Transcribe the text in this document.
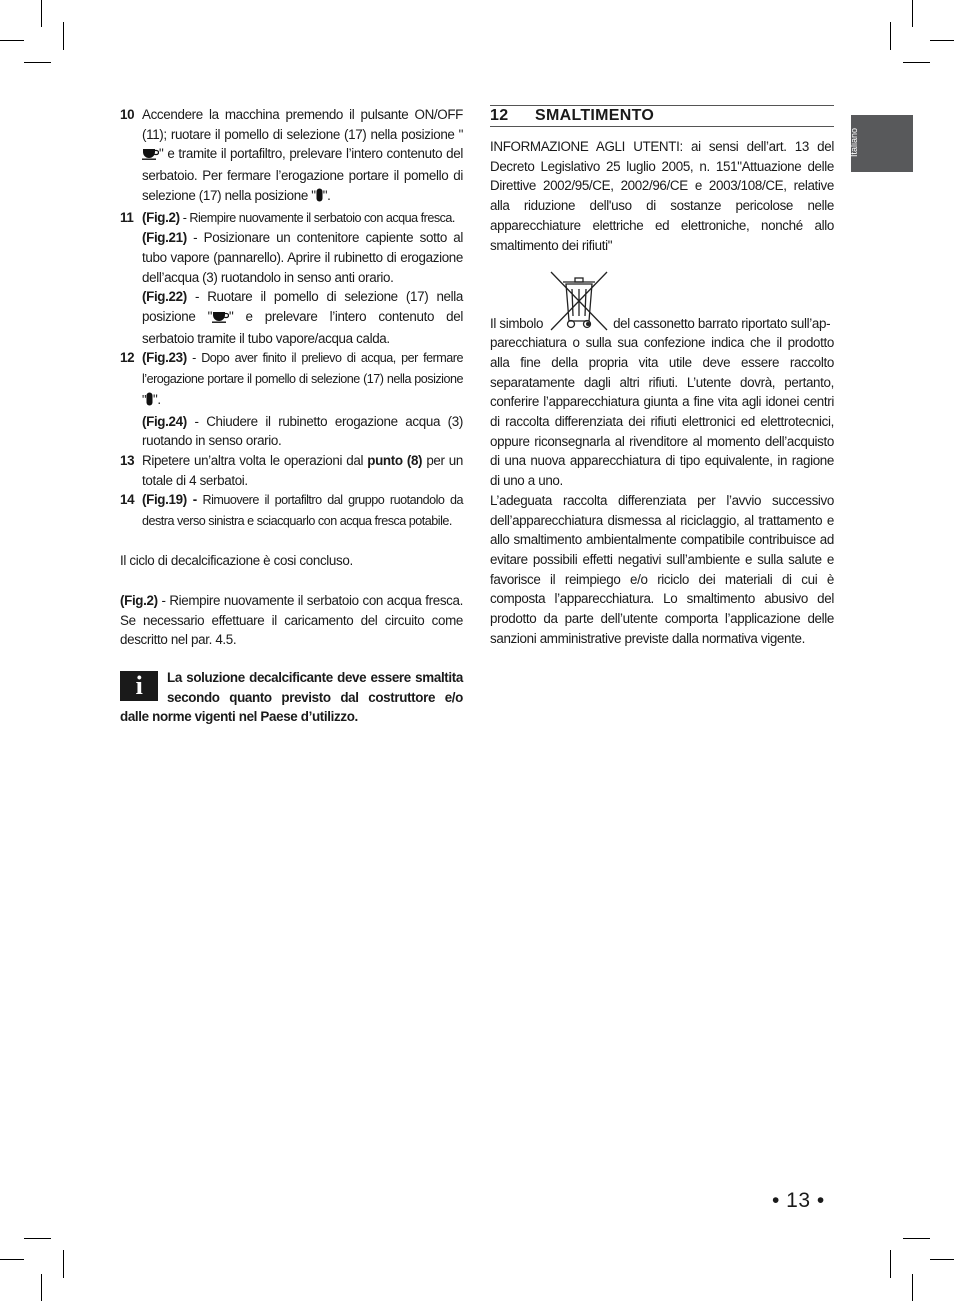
Italiano
10 Accendere la macchina premendo il pulsante ON/OFF (11); ruotare il pomello di selezione (17) nella posizione "" e tramite il portafiltro, prelevare l’intero contenuto del serbatoio. Per fermare l’erogazione portare il pomello di selezione (17) nella posizione " ".
11 (Fig.2) - Riempire nuovamente il serbatoio con acqua fresca.
(Fig.21) - Posizionare un contenitore capiente sotto al tubo vapore (pannarello). Aprire il rubinetto di erogazione dell’acqua (3) ruotandolo in senso anti orario.
(Fig.22) - Ruotare il pomello di selezione (17) nella posizione " " e prelevare l’intero contenuto del serbatoio tramite il tubo vapore/acqua calda.
12 (Fig.23) - Dopo aver finito il prelievo di acqua, per fermare l’erogazione portare il pomello di selezione (17) nella posizione " ".
(Fig.24) - Chiudere il rubinetto erogazione acqua (3) ruotando in senso orario.
13 Ripetere un’altra volta le operazioni dal punto (8) per un totale di 4 serbatoi.
14 (Fig.19) - Rimuovere il portafiltro dal gruppo ruotandolo da destra verso sinistra e sciacquarlo con acqua fresca potabile.
Il ciclo di decalcificazione è cosi concluso.
(Fig.2) - Riempire nuovamente il serbatoio con acqua fresca. Se necessario effettuare il caricamento del circuito come descritto nel par. 4.5.
i	La soluzione decalcificante deve essere smaltita secondo quanto previsto dal costruttore e/o dalle norme vigenti nel Paese d’utilizzo.
12	SMALTIMENTO
INFORMAZIONE AGLI UTENTI: ai sensi dell’art. 13 del Decreto Legislativo 25 luglio 2005, n. 151"Attuazione delle Direttive 2002/95/CE, 2002/96/CE e 2003/108/CE, relative alla riduzione dell'uso di sostanze pericolose nelle apparecchiature elettriche ed elettroniche, nonché allo smaltimento dei rifiuti"
Il simbolo	del cassonetto barrato riportato sull’ap-
parecchiatura o sulla sua confezione indica che il prodotto alla fine della propria vita utile deve essere raccolto separatamente dagli altri rifiuti. L’utente dovrà, pertanto, conferire l’apparecchiatura giunta a fine vita agli idonei centri di raccolta differenziata dei rifiuti elettronici ed elettrotecnici, oppure riconsegnarla al rivenditore al momento dell’acquisto di una nuova apparecchiatura di tipo equivalente, in ragione di uno a uno.
L’adeguata raccolta differenziata per l’avvio successivo dell’apparecchiatura dismessa al riciclaggio, al trattamento e allo smaltimento ambientalmente compatibile contribuisce ad evitare possibili effetti negativi sull’ambiente e sulla salute e favorisce il reimpiego e/o riciclo dei materiali di cui è composta l’apparecchiatura. Lo smaltimento abusivo del prodotto da parte dell’utente comporta l’applicazione delle sanzioni amministrative previste dalla normativa vigente.
• 13 •
